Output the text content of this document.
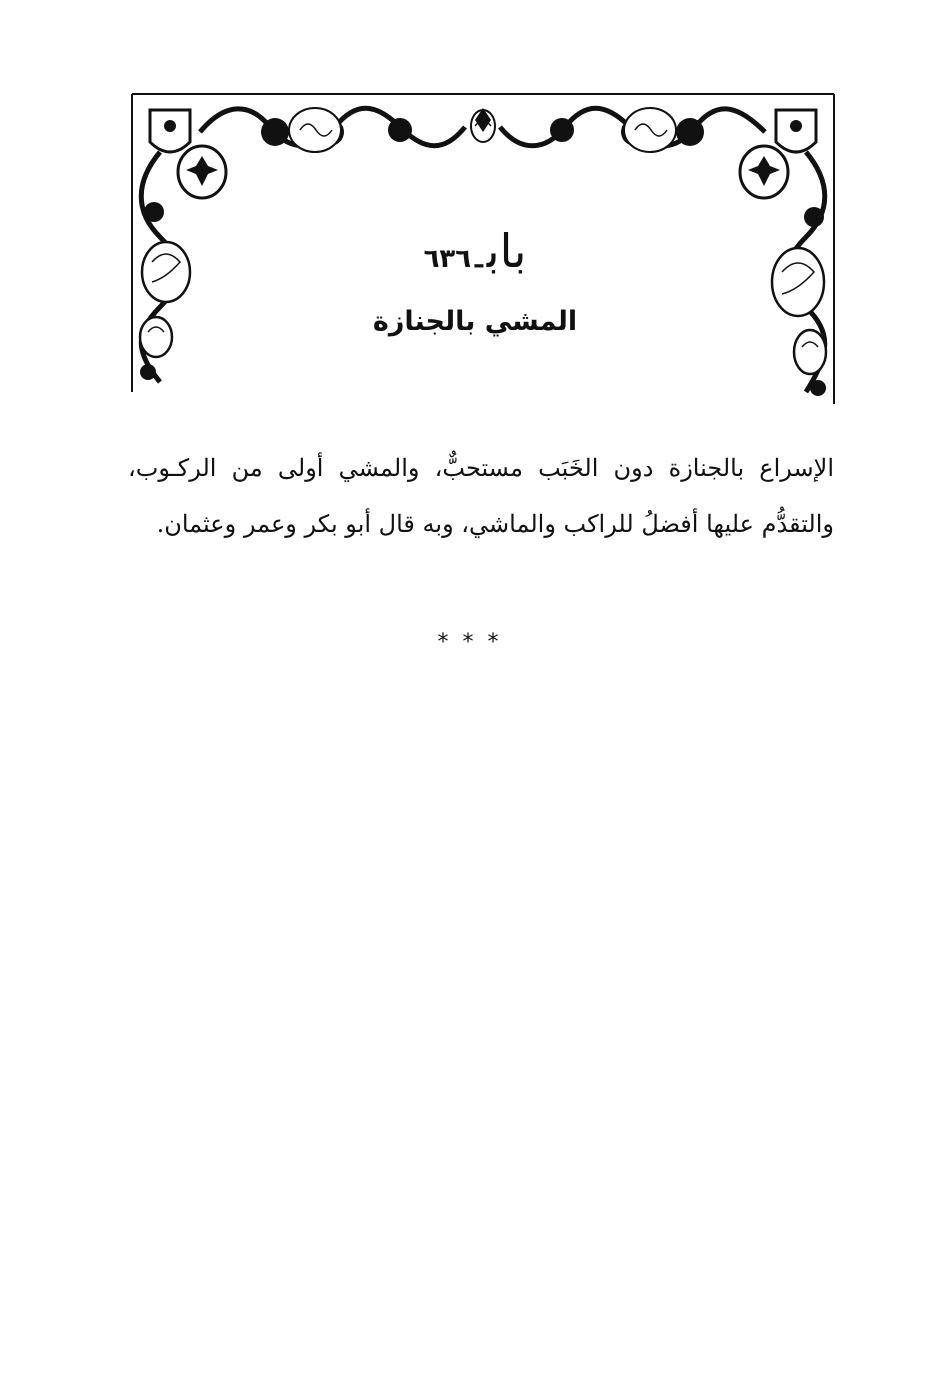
بابـ٦٣٦
المشي بالجنازة
الإسراع بالجنازة دون الخَبَب مستحبٌّ، والمشي أولى من الركـوب، والتقدُّم عليها أفضلُ للراكب والماشي، وبه قال أبو بكر وعمر وعثمان.
***
